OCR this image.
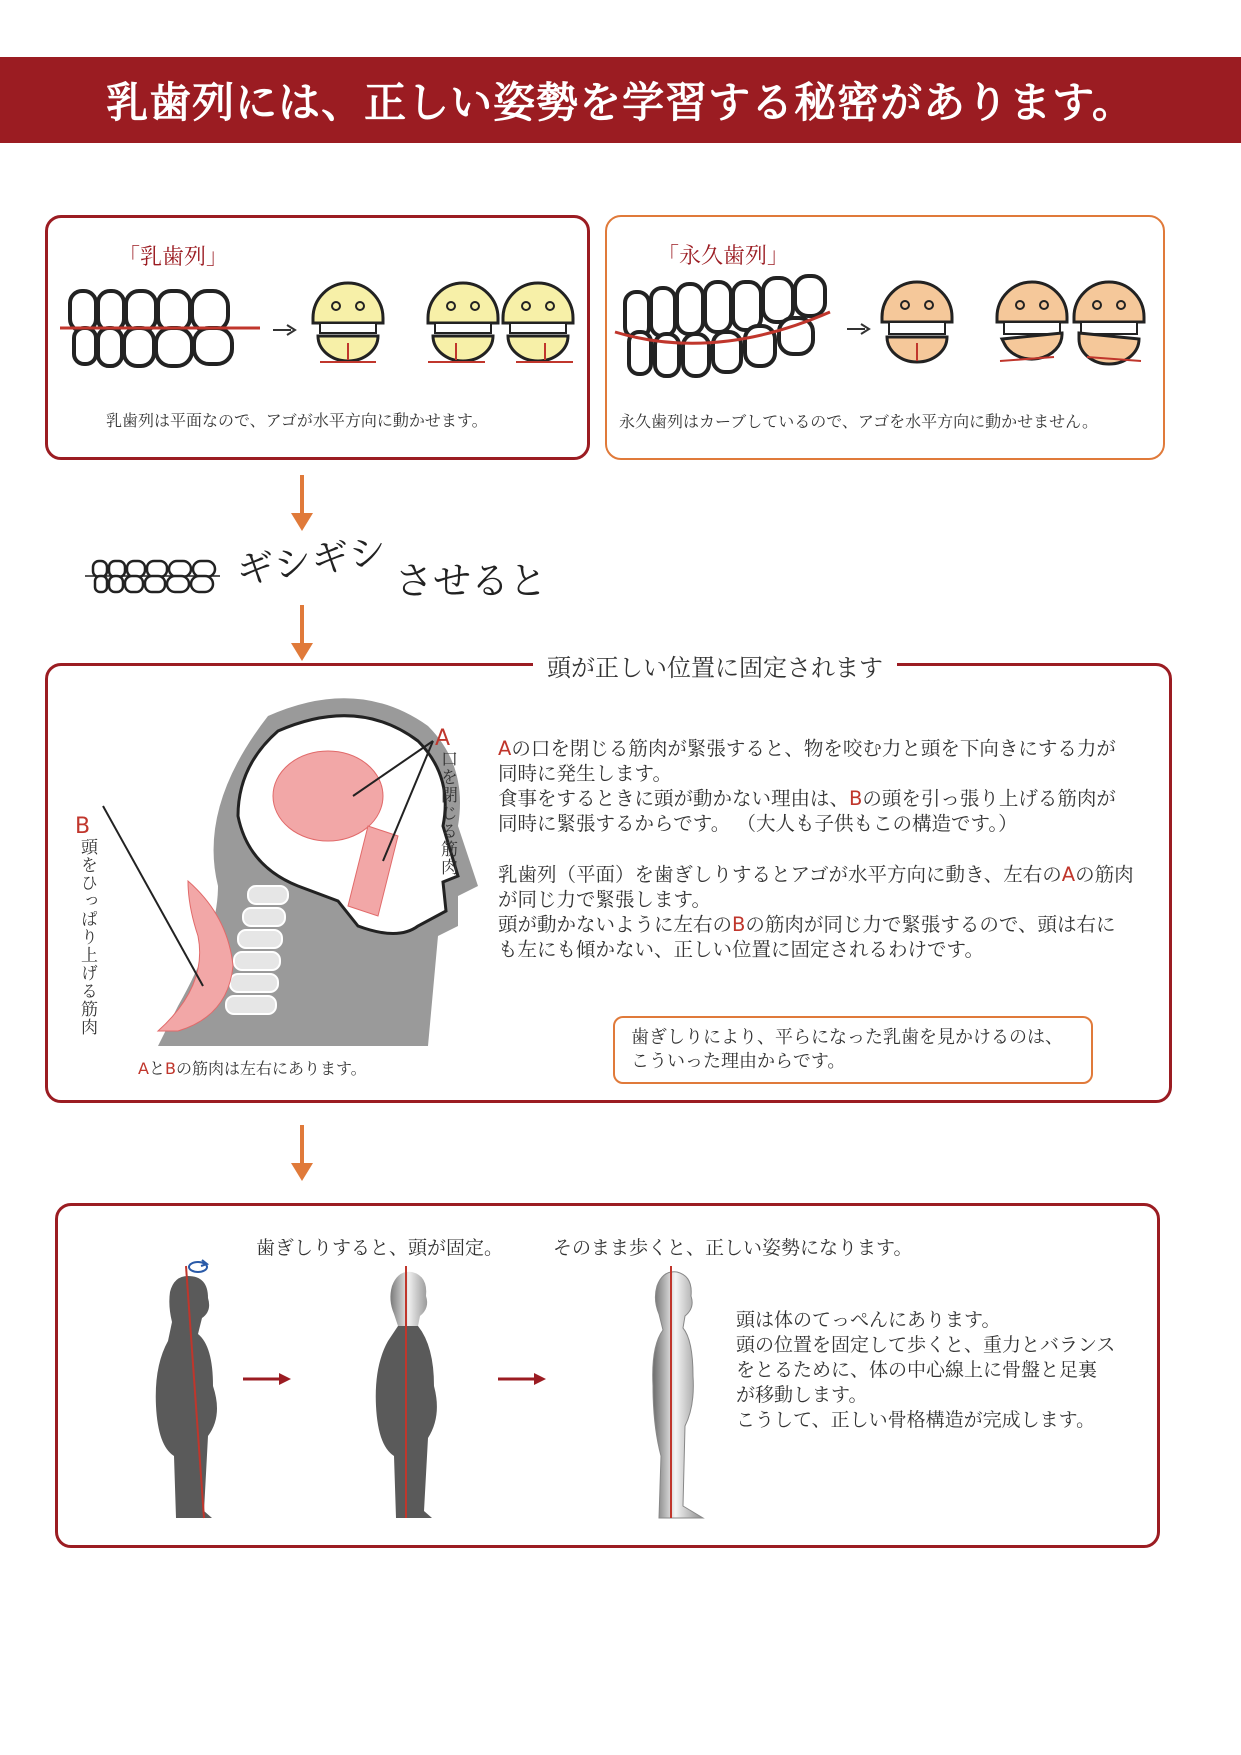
乳歯列には、正しい姿勢を学習する秘密があります。
「乳歯列」
乳歯列は平面なので、アゴが水平方向に動かせます。
「永久歯列」
永久歯列はカーブしているので、アゴを水平方向に動かせません。
ギシギシ させると
頭が正しい位置に固定されます
A
口を閉じる筋肉
B
頭をひっぱり上げる筋肉
AとBの筋肉は左右にあります。

Aの口を閉じる筋肉が緊張すると、物を咬む力と頭を下向きにする力が

同時に発生します。

食事をするときに頭が動かない理由は、Bの頭を引っ張り上げる筋肉が

同時に緊張するからです。 （大人も子供もこの構造です。）

乳歯列（平面）を歯ぎしりするとアゴが水平方向に動き、左右のAの筋肉

が同じ力で緊張します。

頭が動かないように左右のBの筋肉が同じ力で緊張するので、頭は右に

も左にも傾かない、正しい位置に固定されるわけです。

歯ぎしりにより、平らになった乳歯を見かけるのは、
こういった理由からです。
歯ぎしりすると、頭が固定。	そのまま歩くと、正しい姿勢になります。

頭は体のてっぺんにあります。

頭の位置を固定して歩くと、重力とバランス

をとるために、体の中心線上に骨盤と足裏

が移動します。

こうして、正しい骨格構造が完成します。
